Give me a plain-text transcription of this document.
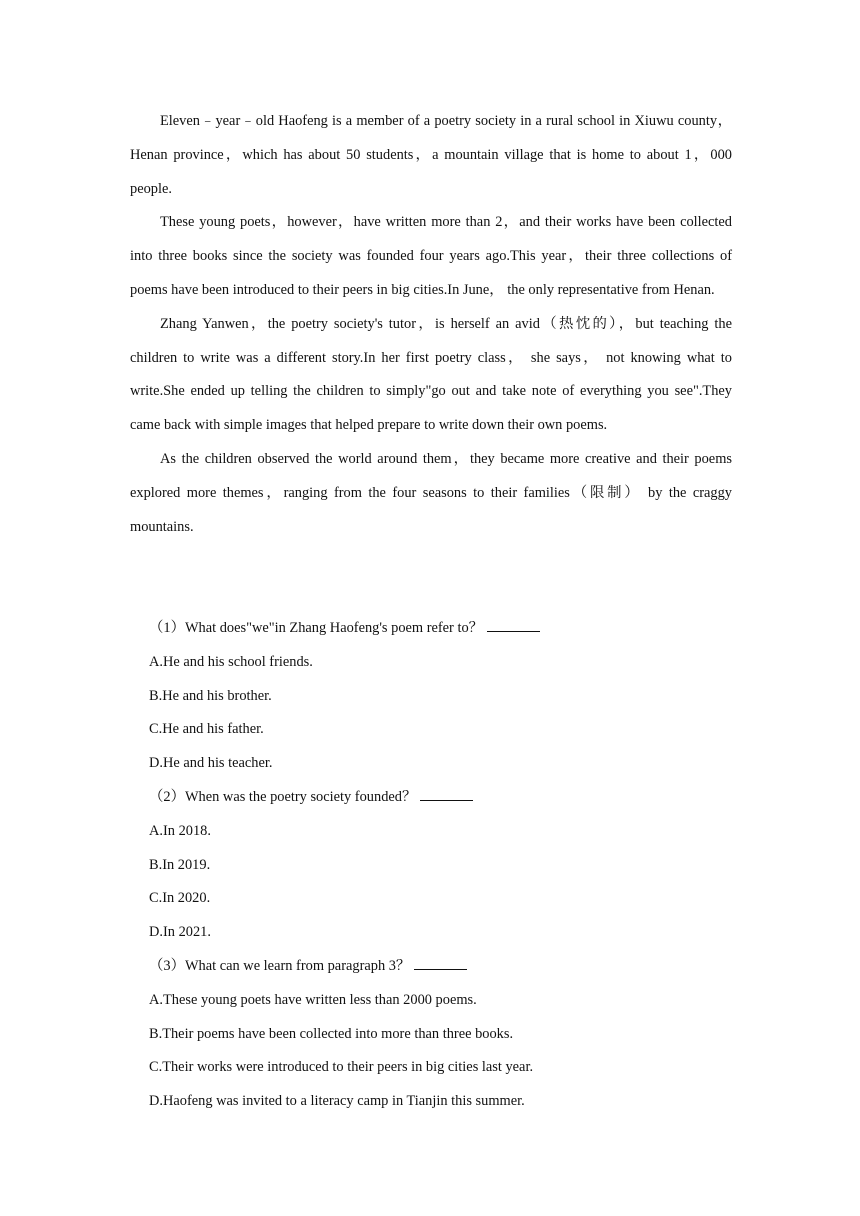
Eleven﹣year﹣old Haofeng is a member of a poetry society in a rural school in Xiuwu county，Henan province，which has about 50 students，a mountain village that is home to about 1，000 people.

These young poets，however，have written more than 2，and their works have been collected into three books since the society was founded four years ago.This year，their three collections of poems have been introduced to their peers in big cities.In June， the only representative from Henan.

Zhang Yanwen，the poetry society's tutor，is herself an avid（热忱的），but teaching the children to write was a different story.In her first poetry class， she says， not knowing what to write.She ended up telling the children to simply"go out and take note of everything you see".They came back with simple images that helped prepare to write down their own poems.

As the children observed the world around them，they became more creative and their poems explored more themes，ranging from the four seasons to their families（限制） by the craggy mountains.

（1）What does"we"in Zhang Haofeng's poem refer to？

A.He and his school friends.

B.He and his brother.

C.He and his father.

D.He and his teacher.

（2）When was the poetry society founded？

A.In 2018.

B.In 2019.

C.In 2020.

D.In 2021.

（3）What can we learn from paragraph 3？

A.These young poets have written less than 2000 poems.

B.Their poems have been collected into more than three books.

C.Their works were introduced to their peers in big cities last year.

D.Haofeng was invited to a literacy camp in Tianjin this summer.
